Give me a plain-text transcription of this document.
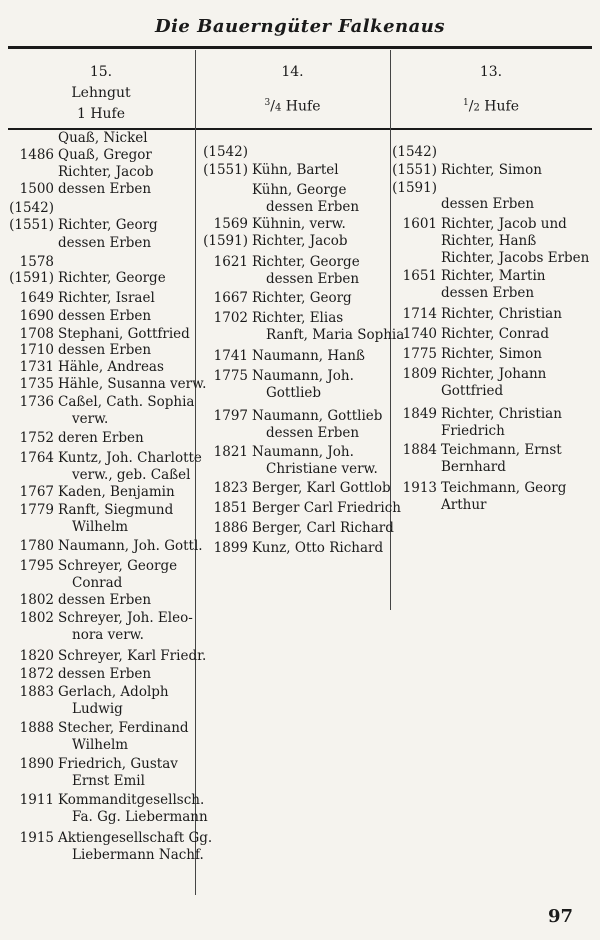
Die Bauerngüter Falkenaus
15.
Lehngut
1 Hufe
14.
$^3$/4 Hufe
13.
$^1$/2 Hufe
Quaß, Nickel
1486 Quaß, Gregor
Richter, Jacob
1500 dessen Erben
(1542)
(1551) Richter, Georg
dessen Erben
1578
(1591) Richter, George
1649 Richter, Israel
1690 dessen Erben
1708 Stephani, Gottfried
1710 dessen Erben
1731 Hähle, Andreas
1735 Hähle, Susanna verw.
1736 Caßel, Cath. Sophia
verw.
1752 deren Erben
1764 Kuntz, Joh. Charlotte
verw., geb. Caßel
1767 Kaden, Benjamin
1779 Ranft, Siegmund
Wilhelm
1780 Naumann, Joh. Gottl.
1795 Schreyer, George
Conrad
1802 dessen Erben
1802 Schreyer, Joh. Eleo-
nora verw.
1820 Schreyer, Karl Friedr.
1872 dessen Erben
1883 Gerlach, Adolph
Ludwig
1888 Stecher, Ferdinand
Wilhelm
1890 Friedrich, Gustav
Ernst Emil
1911 Kommanditgesellsch.
Fa. Gg. Liebermann
1915 Aktiengesellschaft Gg.
Liebermann Nachf.
(1542)
(1551) Kühn, Bartel
Kühn, George
dessen Erben
1569 Kühnin, verw.
(1591) Richter, Jacob
1621 Richter, George
dessen Erben
1667 Richter, Georg
1702 Richter, Elias
Ranft, Maria Sophia
1741 Naumann, Hanß
1775 Naumann, Joh.
Gottlieb
1797 Naumann, Gottlieb
dessen Erben
1821 Naumann, Joh.
Christiane verw.
1823 Berger, Karl Gottlob
1851 Berger Carl Friedrich
1886 Berger, Carl Richard
1899 Kunz, Otto Richard
(1542)
(1551) Richter, Simon
(1591)
dessen Erben
1601 Richter, Jacob und
Richter, Hanß
Richter, Jacobs Erben
1651 Richter, Martin
dessen Erben
1714 Richter, Christian
1740 Richter, Conrad
1775 Richter, Simon
1809 Richter, Johann
Gottfried
1849 Richter, Christian
Friedrich
1884 Teichmann, Ernst
Bernhard
1913 Teichmann, Georg
Arthur
97
